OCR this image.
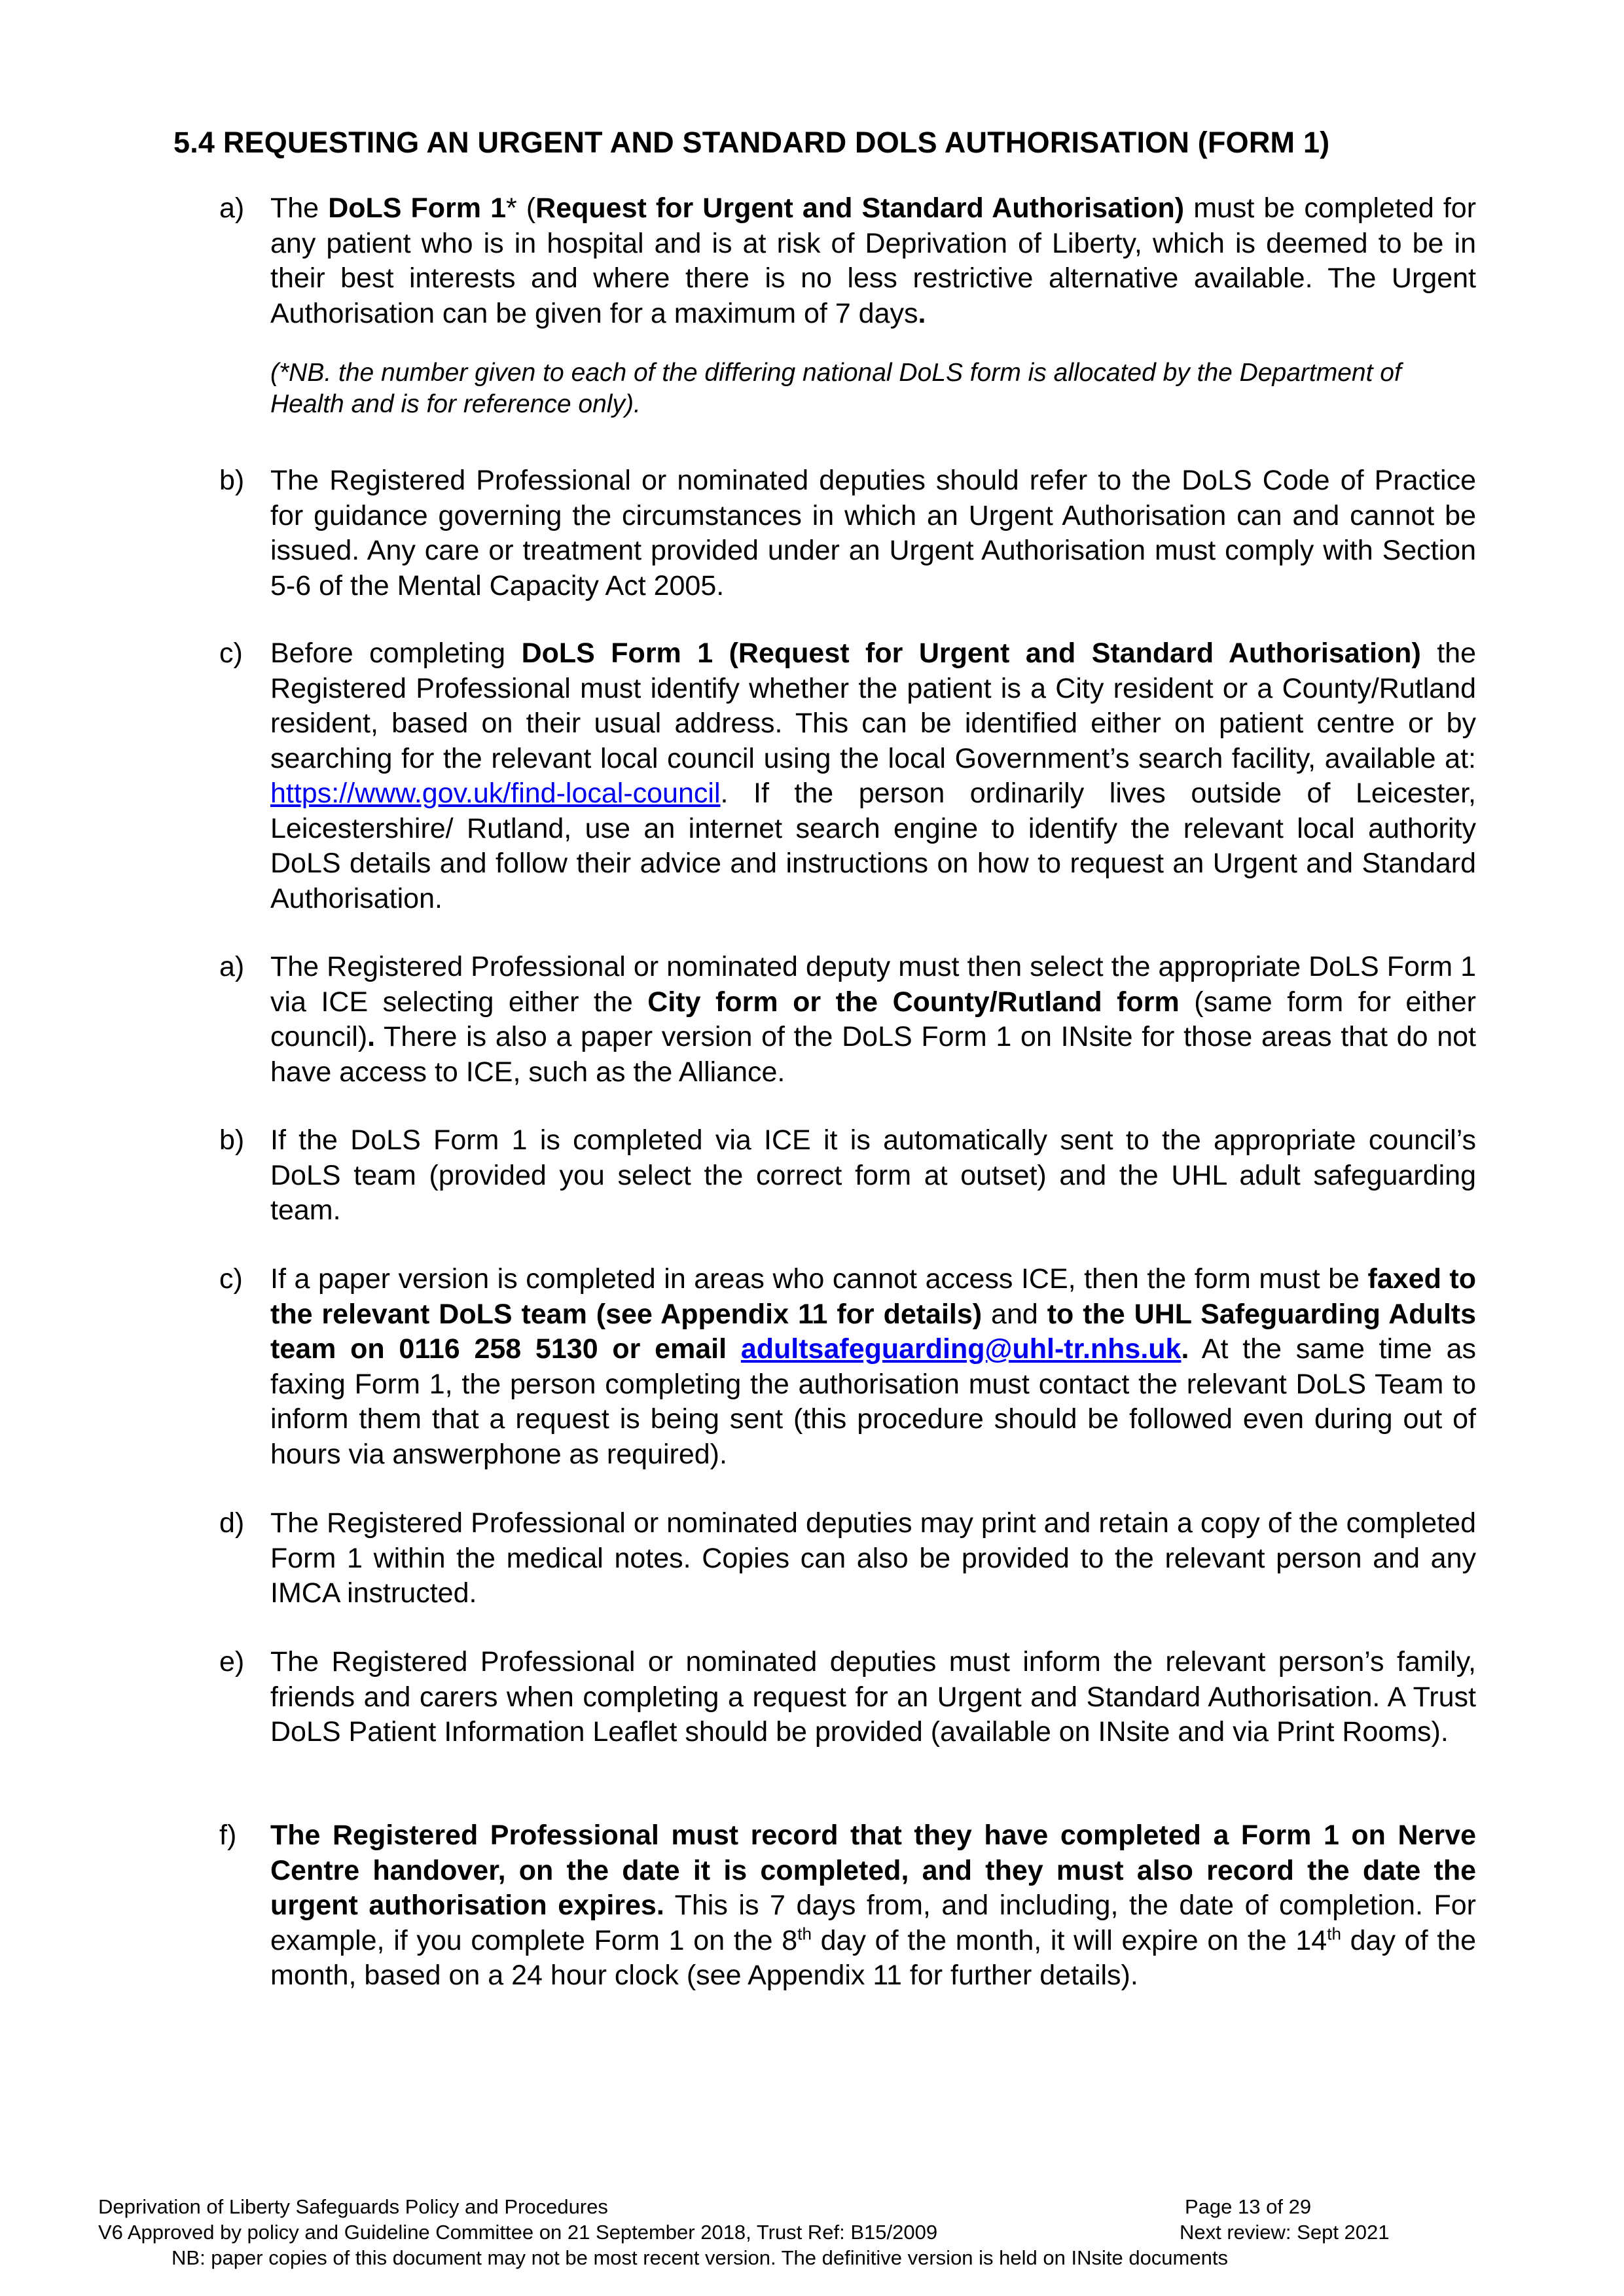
5.4 REQUESTING AN URGENT AND STANDARD DOLS AUTHORISATION (FORM 1)
a) The DoLS Form 1* (Request for Urgent and Standard Authorisation) must be completed for any patient who is in hospital and is at risk of Deprivation of Liberty, which is deemed to be in their best interests and where there is no less restrictive alternative available. The Urgent Authorisation can be given for a maximum of 7 days.
(*NB. the number given to each of the differing national DoLS form is allocated by the Department of Health and is for reference only).
b) The Registered Professional or nominated deputies should refer to the DoLS Code of Practice for guidance governing the circumstances in which an Urgent Authorisation can and cannot be issued. Any care or treatment provided under an Urgent Authorisation must comply with Section 5-6 of the Mental Capacity Act 2005.
c) Before completing DoLS Form 1 (Request for Urgent and Standard Authorisation) the Registered Professional must identify whether the patient is a City resident or a County/Rutland resident, based on their usual address. This can be identified either on patient centre or by searching for the relevant local council using the local Government’s search facility, available at: https://www.gov.uk/find-local-council. If the person ordinarily lives outside of Leicester, Leicestershire/ Rutland, use an internet search engine to identify the relevant local authority DoLS details and follow their advice and instructions on how to request an Urgent and Standard Authorisation.
a) The Registered Professional or nominated deputy must then select the appropriate DoLS Form 1 via ICE selecting either the City form or the County/Rutland form (same form for either council). There is also a paper version of the DoLS Form 1 on INsite for those areas that do not have access to ICE, such as the Alliance.
b) If the DoLS Form 1 is completed via ICE it is automatically sent to the appropriate council’s DoLS team (provided you select the correct form at outset) and the UHL adult safeguarding team.
c) If a paper version is completed in areas who cannot access ICE, then the form must be faxed to the relevant DoLS team (see Appendix 11 for details) and to the UHL Safeguarding Adults team on 0116 258 5130 or email adultsafeguarding@uhl-tr.nhs.uk. At the same time as faxing Form 1, the person completing the authorisation must contact the relevant DoLS Team to inform them that a request is being sent (this procedure should be followed even during out of hours via answerphone as required).
d) The Registered Professional or nominated deputies may print and retain a copy of the completed Form 1 within the medical notes. Copies can also be provided to the relevant person and any IMCA instructed.
e) The Registered Professional or nominated deputies must inform the relevant person’s family, friends and carers when completing a request for an Urgent and Standard Authorisation. A Trust DoLS Patient Information Leaflet should be provided (available on INsite and via Print Rooms).
f)	The Registered Professional must record that they have completed a Form 1 on Nerve Centre handover, on the date it is completed, and they must also record the date the urgent authorisation expires. This is 7 days from, and including, the date of completion. For example, if you complete Form 1 on the 8th day of the month, it will expire on the 14th day of the month, based on a 24 hour clock (see Appendix 11 for further details).
Deprivation of Liberty Safeguards Policy and Procedures	Page 13 of 29
V6 Approved by policy and Guideline Committee on 21 September 2018, Trust Ref: B15/2009	Next review: Sept 2021
NB: paper copies of this document may not be most recent version. The definitive version is held on INsite documents
